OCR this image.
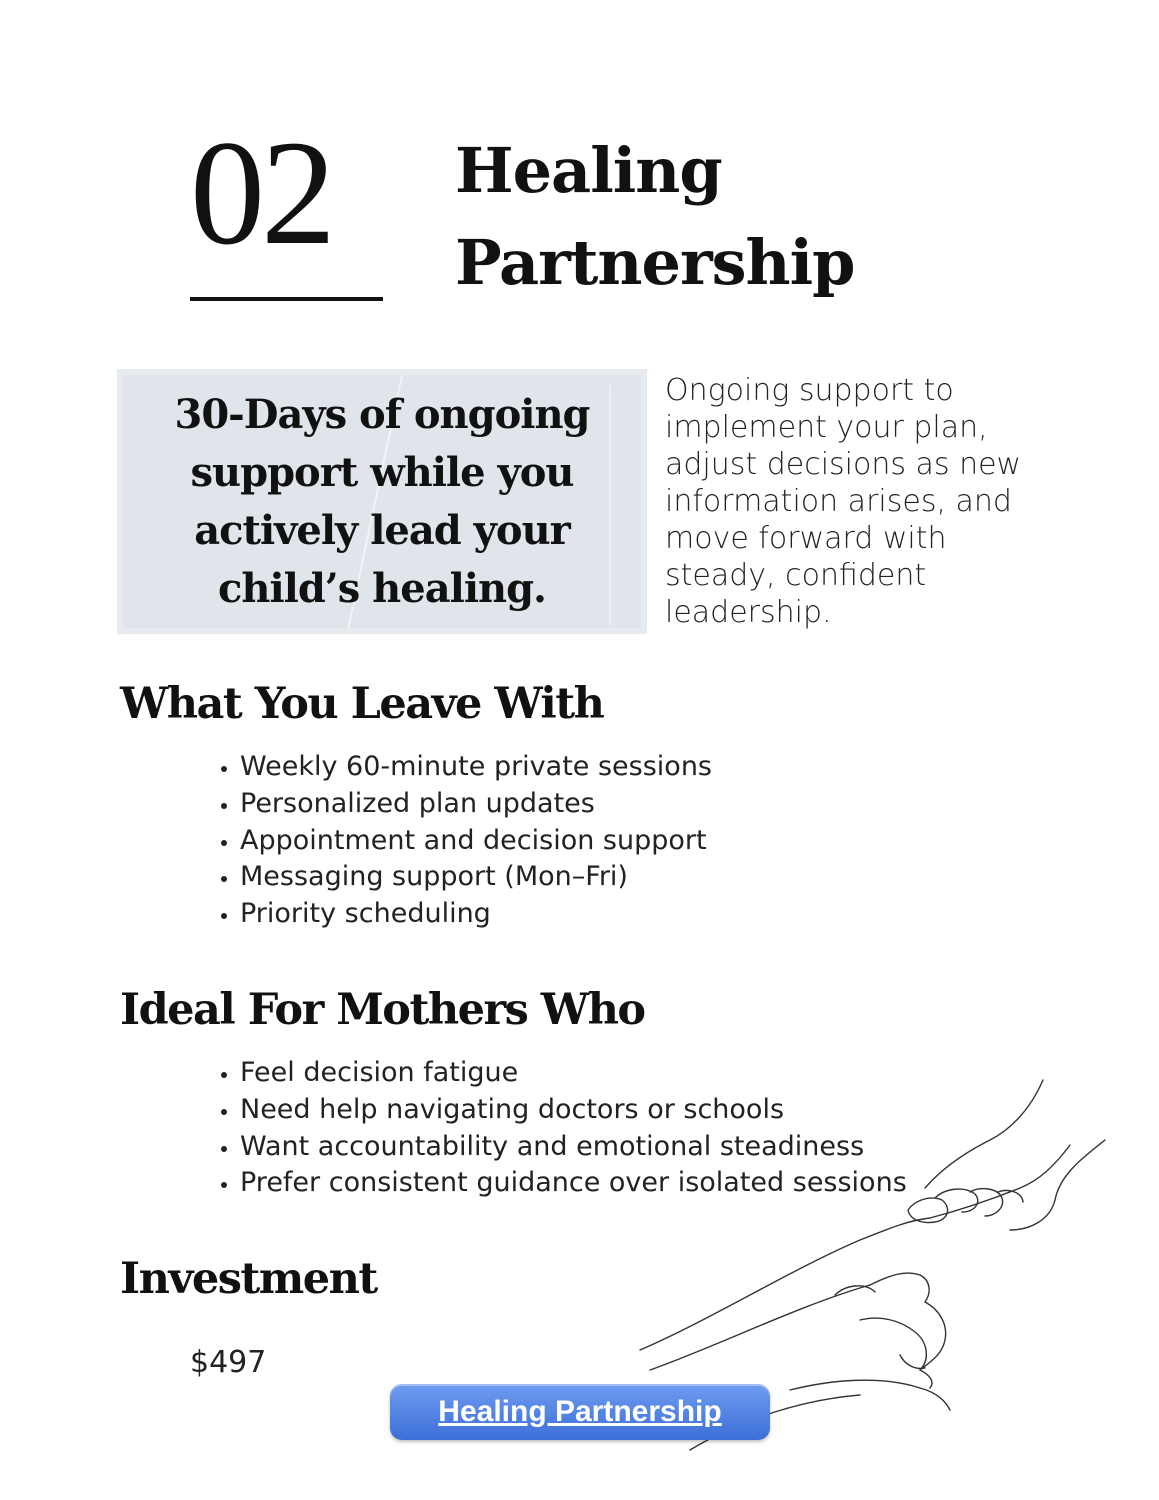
02	Healing
Partnership
30-Days of ongoing support while you actively lead your child’s healing.
Ongoing support to implement your plan, adjust decisions as new information arises, and move forward with steady, confident leadership.
What You Leave With
• Weekly 60-minute private sessions
• Personalized plan updates
• Appointment and decision support
• Messaging support (Mon–Fri)
• Priority scheduling
Ideal For Mothers Who
• Feel decision fatigue
• Need help navigating doctors or schools
• Want accountability and emotional steadiness
• Prefer consistent guidance over isolated sessions
Investment
$497
Healing Partnership
